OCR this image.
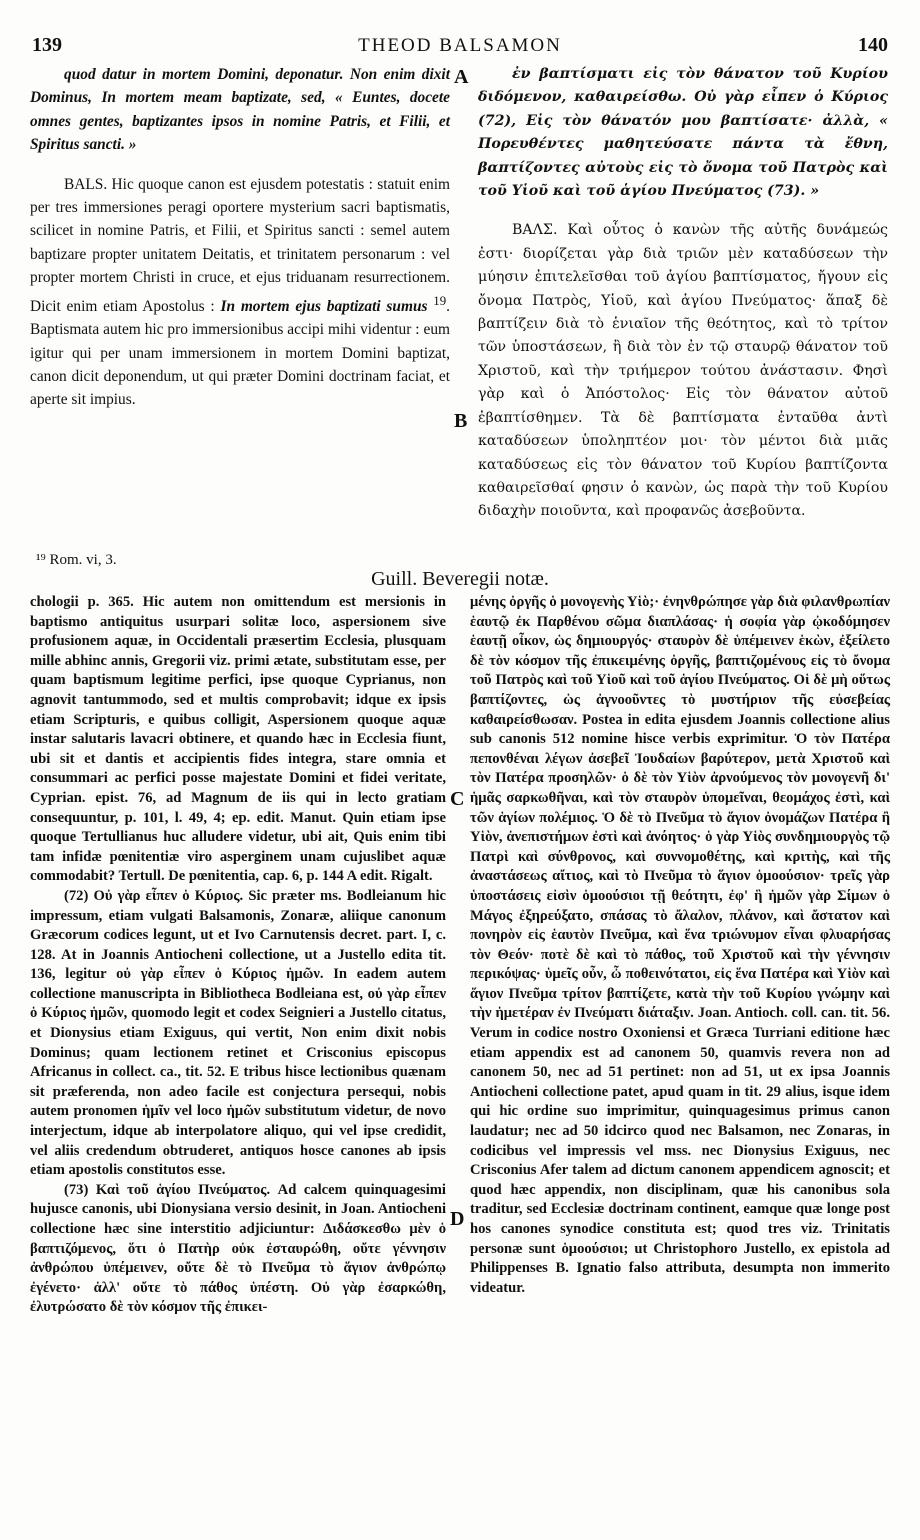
139	THEOD BALSAMON	140

quod datur in mortem Domini, deponatur. Non enim dixit Dominus, In mortem meam baptizate, sed, « Euntes, docete omnes gentes, baptizantes ipsos in nomine Patris, et Filii, et Spiritus sancti. »

BALS. Hic quoque canon est ejusdem potestatis : statuit enim per tres immersiones peragi oportere mysterium sacri baptismatis, scilicet in nomine Patris, et Filii, et Spiritus sancti : semel autem baptizare propter unitatem Deitatis, et trinitatem personarum : vel propter mortem Christi in cruce, et ejus triduanam resurrectionem. Dicit enim etiam Apostolus : In mortem ejus baptizati sumus $^{19}$. Baptismata autem hic pro immersionibus accipi mihi videntur : eum igitur qui per unam immersionem in mortem Domini baptizat, canon dicit deponendum, ut qui præter Domini doctrinam faciat, et aperte sit impius.

ἐν βαπτίσματι εἰς τὸν θάνατον τοῦ Κυρίου διδόμενον, καθαιρείσθω. Οὐ γὰρ εἶπεν ὁ Κύριος (72), Εἰς τὸν θάνατόν μου βαπτίσατε· ἀλλὰ, « Πορευθέντες μαθητεύσατε πάντα τὰ ἔθνη, βαπτίζοντες αὐτοὺς εἰς τὸ ὄνομα τοῦ Πατρὸς καὶ τοῦ Υἱοῦ καὶ τοῦ ἁγίου Πνεύματος (73). »

ΒΑΛΣ. Καὶ οὗτος ὁ κανὼν τῆς αὐτῆς δυνάμεώς ἐστι· διορίζεται γὰρ διὰ τριῶν μὲν καταδύσεων τὴν μύησιν ἐπιτελεῖσθαι τοῦ ἁγίου βαπτίσματος, ἤγουν εἰς ὄνομα Πατρὸς, Υἱοῦ, καὶ ἁγίου Πνεύματος· ἅπαξ δὲ βαπτίζειν διὰ τὸ ἑνιαῖον τῆς θεότητος, καὶ τὸ τρίτον τῶν ὑποστάσεων, ἢ διὰ τὸν ἐν τῷ σταυρῷ θάνατον τοῦ Χριστοῦ, καὶ τὴν τριήμερον τούτου ἀνάστασιν. Φησὶ γὰρ καὶ ὁ Ἀπόστολος· Εἰς τὸν θάνατον αὐτοῦ ἐβαπτίσθημεν. Τὰ δὲ βαπτίσματα ἐνταῦθα ἀντὶ καταδύσεων ὑποληπτέον μοι· τὸν μέντοι διὰ μιᾶς καταδύσεως εἰς τὸν θάνατον τοῦ Κυρίου βαπτίζοντα καθαιρεῖσθαί φησιν ὁ κανὼν, ὡς παρὰ τὴν τοῦ Κυρίου διδαχὴν ποιοῦντα, καὶ προφανῶς ἀσεβοῦντα.

A
B
C
D
¹⁹ Rom. vi, 3.
Guill. Beveregii notæ.

chologii p. 365. Hic autem non omittendum est mersionis in baptismo antiquitus usurpari solitæ loco, aspersionem sive profusionem aquæ, in Occidentali præsertim Ecclesia, plusquam mille abhinc annis, Gregorii viz. primi ætate, substitutam esse, per quam baptismum legitime perfici, ipse quoque Cyprianus, non agnovit tantummodo, sed et multis comprobavit; idque ex ipsis etiam Scripturis, e quibus colligit, Aspersionem quoque aquæ instar salutaris lavacri obtinere, et quando hæc in Ecclesia fiunt, ubi sit et dantis et accipientis fides integra, stare omnia et consummari ac perfici posse majestate Domini et fidei veritate, Cyprian. epist. 76, ad Magnum de iis qui in lecto gratiam consequuntur, p. 101, l. 49, 4; ep. edit. Manut. Quin etiam ipse quoque Tertullianus huc alludere videtur, ubi ait, Quis enim tibi tam infidæ pœnitentiæ viro asperginem unam cujuslibet aquæ commodabit? Tertull. De pœnitentia, cap. 6, p. 144 A edit. Rigalt.

(72) Οὐ γὰρ εἶπεν ὁ Κύριος. Sic præter ms. Bodleianum hic impressum, etiam vulgati Balsamonis, Zonaræ, aliique canonum Græcorum codices legunt, ut et Ivo Carnutensis decret. part. I, c. 128. At in Joannis Antiocheni collectione, ut a Justello edita tit. 136, legitur οὐ γὰρ εἶπεν ὁ Κύριος ἡμῶν. In eadem autem collectione manuscripta in Bibliotheca Bodleiana est, οὐ γὰρ εἶπεν ὁ Κύριος ἡμῶν, quomodo legit et codex Seignieri a Justello citatus, et Dionysius etiam Exiguus, qui vertit, Non enim dixit nobis Dominus; quam lectionem retinet et Crisconius episcopus Africanus in collect. ca., tit. 52. E tribus hisce lectionibus quænam sit præferenda, non adeo facile est conjectura persequi, nobis autem pronomen ἡμῖν vel loco ἡμῶν substitutum videtur, de novo interjectum, idque ab interpolatore aliquo, qui vel ipse credidit, vel aliis credendum obtruderet, antiquos hosce canones ab ipsis etiam apostolis constitutos esse.

(73) Καὶ τοῦ ἁγίου Πνεύματος. Ad calcem quinquagesimi hujusce canonis, ubi Dionysiana versio desinit, in Joan. Antiocheni collectione hæc sine interstitio adjiciuntur: Διδάσκεσθω μὲν ὁ βαπτιζόμενος, ὅτι ὁ Πατὴρ οὐκ ἐσταυρώθη, οὔτε γέννησιν ἀνθρώπου ὑπέμεινεν, οὔτε δὲ τὸ Πνεῦμα τὸ ἅγιον ἀνθρώπῳ ἐγένετο· ἀλλ' οὔτε τὸ πάθος ὑπέστη. Οὐ γὰρ ἐσαρκώθη, ἐλυτρώσατο δὲ τὸν κόσμον τῆς ἐπικει-

μένης ὀργῆς ὁ μονογενὴς Υἱὸ;· ἐνηνθρώπησε γὰρ διὰ φιλανθρωπίαν ἑαυτῷ ἐκ Παρθένου σῶμα διαπλάσας· ἡ σοφία γὰρ ᾠκοδόμησεν ἑαυτῇ οἶκον, ὡς δημιουργός· σταυρὸν δὲ ὑπέμεινεν ἑκὼν, ἐξείλετο δὲ τὸν κόσμον τῆς ἐπικειμένης ὀργῆς, βαπτιζομένους εἰς τὸ ὄνομα τοῦ Πατρὸς καὶ τοῦ Υἱοῦ καὶ τοῦ ἁγίου Πνεύματος. Οἱ δὲ μὴ οὕτως βαπτίζοντες, ὡς ἀγνοοῦντες τὸ μυστήριον τῆς εὐσεβείας καθαιρείσθωσαν. Postea in edita ejusdem Joannis collectione alius sub canonis 512 nomine hisce verbis exprimitur. Ὁ τὸν Πατέρα πεπονθέναι λέγων ἀσεβεῖ Ἰουδαίων βαρύτερον, μετὰ Χριστοῦ καὶ τὸν Πατέρα προσηλῶν· ὁ δὲ τὸν Υἱὸν ἀρνούμενος τὸν μονογενῆ δι' ἡμᾶς σαρκωθῆναι, καὶ τὸν σταυρὸν ὑπομεῖναι, θεομάχος ἐστὶ, καὶ τῶν ἁγίων πολέμιος. Ὁ δὲ τὸ Πνεῦμα τὸ ἅγιον ὀνομάζων Πατέρα ἢ Υἱὸν, ἀνεπιστήμων ἐστὶ καὶ ἀνόητος· ὁ γὰρ Υἱὸς συνδημιουργὸς τῷ Πατρὶ καὶ σύνθρονος, καὶ συννομοθέτης, καὶ κριτὴς, καὶ τῆς ἀναστάσεως αἴτιος, καὶ τὸ Πνεῦμα τὸ ἅγιον ὁμοούσιον· τρεῖς γὰρ ὑποστάσεις εἰσὶν ὁμοούσιοι τῇ θεότητι, ἐφ' ἣ ἡμῶν γὰρ Σίμων ὁ Μάγος ἐξηρεύξατο, σπάσας τὸ ἄλαλον, πλάνον, καὶ ἄστατον καὶ πονηρὸν εἰς ἑαυτὸν Πνεῦμα, καὶ ἕνα τριώνυμον εἶναι φλυαρήσας τὸν Θεόν· ποτὲ δὲ καὶ τὸ πάθος, τοῦ Χριστοῦ καὶ τὴν γέννησιν περικόψας· ὑμεῖς οὖν, ὦ ποθεινότατοι, εἰς ἕνα Πατέρα καὶ Υἱὸν καὶ ἅγιον Πνεῦμα τρίτον βαπτίζετε, κατὰ τὴν τοῦ Κυρίου γνώμην καὶ τὴν ἡμετέραν ἐν Πνεύματι διάταξιν. Joan. Antioch. coll. can. tit. 56. Verum in codice nostro Oxoniensi et Græca Turriani editione hæc etiam appendix est ad canonem 50, quamvis revera non ad canonem 50, nec ad 51 pertinet: non ad 51, ut ex ipsa Joannis Antiocheni collectione patet, apud quam in tit. 29 alius, isque idem qui hic ordine suo imprimitur, quinquagesimus primus canon laudatur; nec ad 50 idcirco quod nec Balsamon, nec Zonaras, in codicibus vel impressis vel mss. nec Dionysius Exiguus, nec Crisconius Afer talem ad dictum canonem appendicem agnoscit; et quod hæc appendix, non disciplinam, quæ his canonibus sola traditur, sed Ecclesiæ doctrinam continent, eamque quæ longe post hos canones synodice constituta est; quod tres viz. Trinitatis personæ sunt ὁμοούσιοι; ut Christophoro Justello, ex epistola ad Philippenses B. Ignatio falso attributa, desumpta non immerito videatur.
